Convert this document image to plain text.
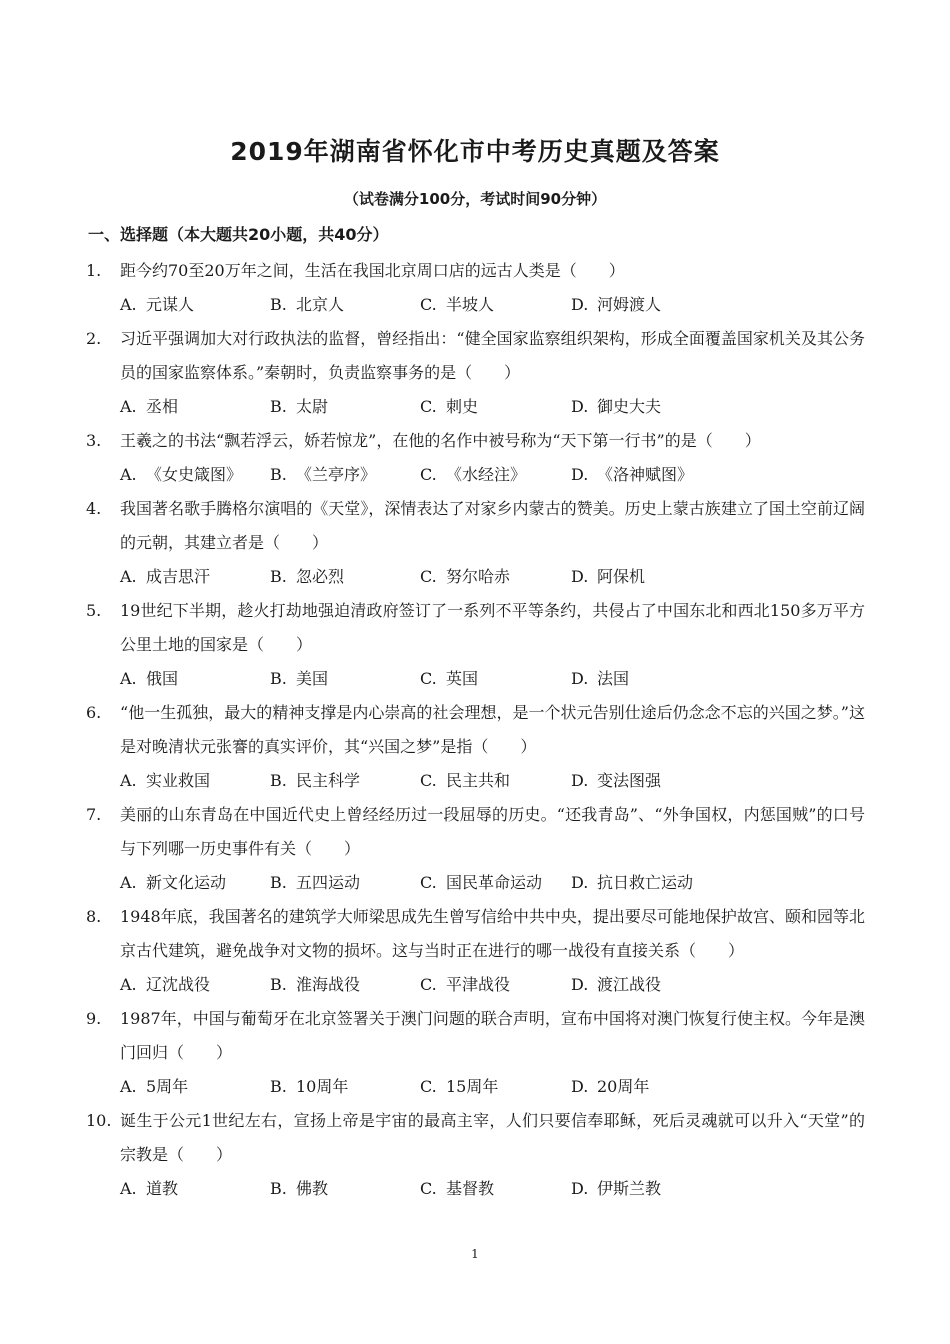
2019年湖南省怀化市中考历史真题及答案
（试卷满分100分，考试时间90分钟）
一、选择题（本大题共20小题，共40分）
1. 距今约70至20万年之间，生活在我国北京周口店的远古人类是（　　）
A. 元谋人	B. 北京人	C. 半坡人	D. 河姆渡人
2. 习近平强调加大对行政执法的监督，曾经指出：“健全国家监察组织架构，形成全面覆盖国家机关及其公务员的国家监察体系。”秦朝时，负责监察事务的是（　　）
A. 丞相	B. 太尉	C. 刺史	D. 御史大夫
3. 王羲之的书法“飘若浮云，娇若惊龙”，在他的名作中被号称为“天下第一行书”的是（　　）
A. 《女史箴图》 B. 《兰亭序》	C. 《水经注》	D. 《洛神赋图》
4. 我国著名歌手腾格尔演唱的《天堂》，深情表达了对家乡内蒙古的赞美。历史上蒙古族建立了国土空前辽阔的元朝，其建立者是（　　）
A. 成吉思汗	B. 忽必烈	C. 努尔哈赤	D. 阿保机
5. 19世纪下半期，趁火打劫地强迫清政府签订了一系列不平等条约，共侵占了中国东北和西北150多万平方公里土地的国家是（　　）
A. 俄国	B. 美国	C. 英国	D. 法国
6. “他一生孤独，最大的精神支撑是内心崇高的社会理想，是一个状元告别仕途后仍念念不忘的兴国之梦。”这是对晚清状元张謇的真实评价，其“兴国之梦”是指（　　）
A. 实业救国	B. 民主科学	C. 民主共和	D. 变法图强
7. 美丽的山东青岛在中国近代史上曾经经历过一段屈辱的历史。“还我青岛”、“外争国权，内惩国贼”的口号与下列哪一历史事件有关（　　）
A. 新文化运动	B. 五四运动	C. 国民革命运动 D. 抗日救亡运动
8. 1948年底，我国著名的建筑学大师梁思成先生曾写信给中共中央，提出要尽可能地保护故宫、颐和园等北京古代建筑，避免战争对文物的损坏。这与当时正在进行的哪一战役有直接关系（　　）
A. 辽沈战役	B. 淮海战役	C. 平津战役	D. 渡江战役
9. 1987年，中国与葡萄牙在北京签署关于澳门问题的联合声明，宣布中国将对澳门恢复行使主权。今年是澳门回归（　　）
A. 5周年	B. 10周年	C. 15周年	D. 20周年
10. 诞生于公元1世纪左右，宣扬上帝是宇宙的最高主宰，人们只要信奉耶稣，死后灵魂就可以升入“天堂”的宗教是（　　）
A. 道教	B. 佛教	C. 基督教	D. 伊斯兰教
1
